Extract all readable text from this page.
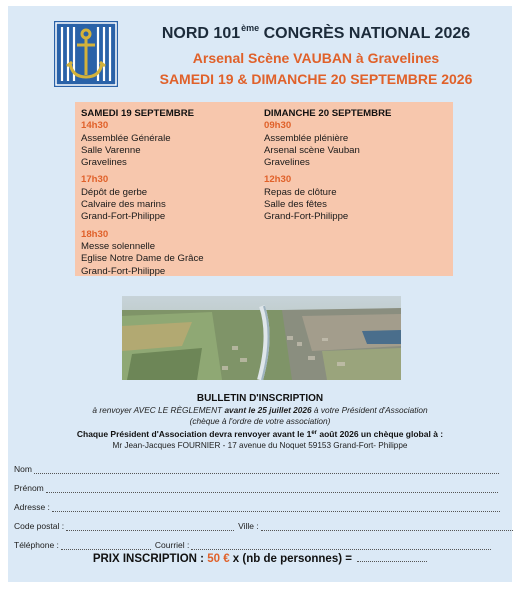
NORD 101ème CONGRÈS NATIONAL 2026
Arsenal Scène VAUBAN à Gravelines
SAMEDI 19 & DIMANCHE 20 SEPTEMBRE 2026
SAMEDI 19 SEPTEMBRE
14h30
Assemblée Générale
Salle Varenne
Gravelines
17h30
Dépôt de gerbe
Calvaire des marins
Grand-Fort-Philippe
18h30
Messe solennelle
Eglise Notre Dame de Grâce
Grand-Fort-Philippe
DIMANCHE 20 SEPTEMBRE
09h30
Assemblée plénière
Arsenal scène Vauban
Gravelines
12h30
Repas de clôture
Salle des fêtes
Grand-Fort-Philippe
BULLETIN D'INSCRIPTION
à renvoyer AVEC LE RÈGLEMENT avant le 25 juillet 2026 à votre Président d'Association
(chèque à l'ordre de votre association)
Chaque Président d'Association devra renvoyer avant le 1er août 2026 un chèque global à :
Mr Jean-Jacques FOURNIER - 17 avenue du Noquet 59153 Grand-Fort- Philippe
Nom
Prénom
Adresse :
Code postal :	Ville :
Téléphone :	Courriel :
PRIX INSCRIPTION : 50 € x (nb de personnes) =
